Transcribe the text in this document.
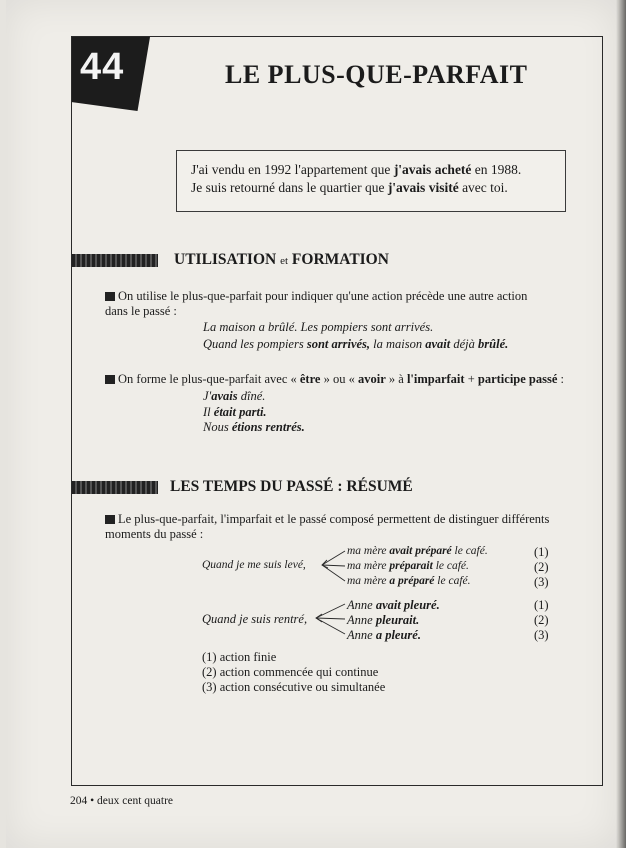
44	LE PLUS-QUE-PARFAIT
J'ai vendu en 1992 l'appartement que j'avais acheté en 1988.
Je suis retourné dans le quartier que j'avais visité avec toi.
UTILISATION et FORMATION
On utilise le plus-que-parfait pour indiquer qu'une action précède une autre action
dans le passé :
La maison a brûlé. Les pompiers sont arrivés.
Quand les pompiers sont arrivés, la maison avait déjà brûlé.
On forme le plus-que-parfait avec « être » ou « avoir » à l'imparfait + participe passé :
J'avais dîné.
Il était parti.
Nous étions rentrés.
LES TEMPS DU PASSÉ : RÉSUMÉ
Le plus-que-parfait, l'imparfait et le passé composé permettent de distinguer différents
moments du passé :
Quand je me suis levé,
ma mère avait préparé le café.
ma mère préparait le café.
ma mère a préparé le café.
(1)
(2)
(3)
Quand je suis rentré,
Anne avait pleuré.
Anne pleurait.
Anne a pleuré.
(1)
(2)
(3)
(1) action finie
(2) action commencée qui continue
(3) action consécutive ou simultanée
204 • deux cent quatre
